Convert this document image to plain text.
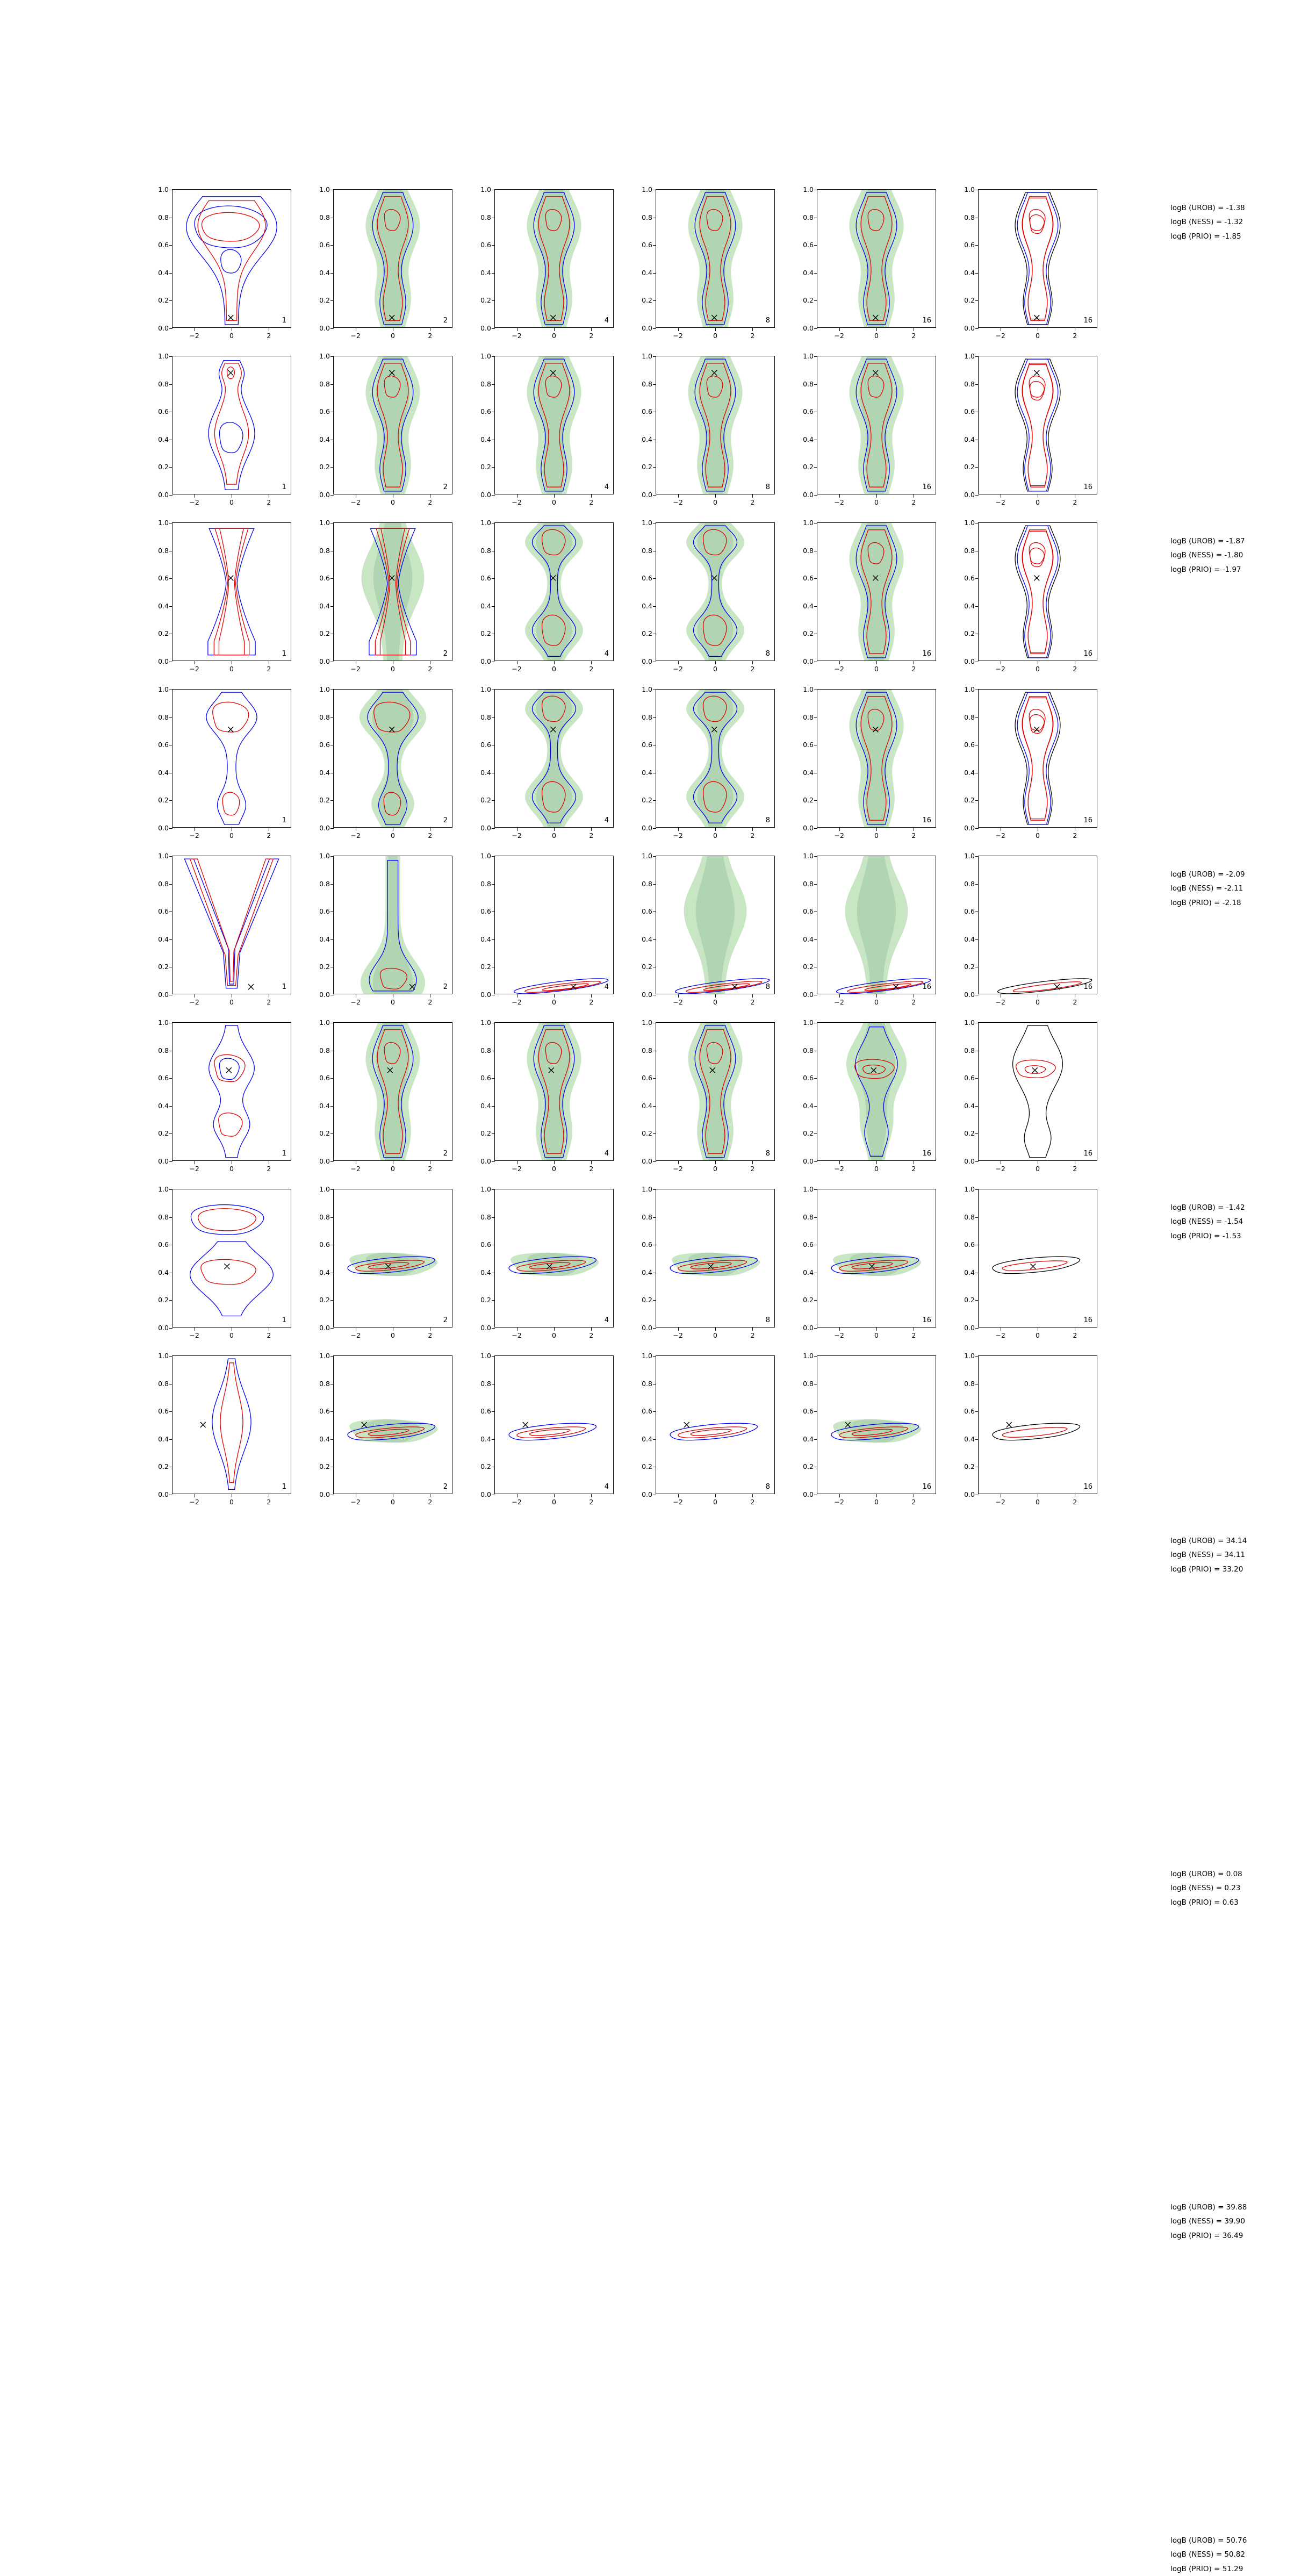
0.0
0.2
0.4
0.6
0.8
1.0
1
−2	0	2
0.0
0.2
0.4
0.6
0.8
1.0
2
−2	0	2
0.0
0.2
0.4
0.6
0.8
1.0
4
−2	0	2
0.0
0.2
0.4
0.6
0.8
1.0
8
−2	0	2
0.0
0.2
0.4
0.6
0.8
1.0
16
−2	0	2
0.0
0.2
0.4
0.6
0.8
1.0
16
−2	0	2
logB (UROB) = -1.38
logB (NESS) = -1.32
logB (PRIO) = -1.85
0.0
0.2
0.4
0.6
0.8
1.0
1
−2	0	2
0.0
0.2
0.4
0.6
0.8
1.0
2
−2	0	2
0.0
0.2
0.4
0.6
0.8
1.0
4
−2	0	2
0.0
0.2
0.4
0.6
0.8
1.0
8
−2	0	2
0.0
0.2
0.4
0.6
0.8
1.0
16
−2	0	2
0.0
0.2
0.4
0.6
0.8
1.0
16
−2	0	2
logB (UROB) = -1.87
logB (NESS) = -1.80
logB (PRIO) = -1.97
0.0
0.2
0.4
0.6
0.8
1.0
1
−2	0	2
0.0
0.2
0.4
0.6
0.8
1.0
2
−2	0	2
0.0
0.2
0.4
0.6
0.8
1.0
4
−2	0	2
0.0
0.2
0.4
0.6
0.8
1.0
8
−2	0	2
0.0
0.2
0.4
0.6
0.8
1.0
16
−2	0	2
0.0
0.2
0.4
0.6
0.8
1.0
16
−2	0	2
logB (UROB) = -2.09
logB (NESS) = -2.11
logB (PRIO) = -2.18
0.0
0.2
0.4
0.6
0.8
1.0
1
−2	0	2
0.0
0.2
0.4
0.6
0.8
1.0
2
−2	0	2
0.0
0.2
0.4
0.6
0.8
1.0
4
−2	0	2
0.0
0.2
0.4
0.6
0.8
1.0
8
−2	0	2
0.0
0.2
0.4
0.6
0.8
1.0
16
−2	0	2
0.0
0.2
0.4
0.6
0.8
1.0
16
−2	0	2
logB (UROB) = -1.42
logB (NESS) = -1.54
logB (PRIO) = -1.53
0.0
0.2
0.4
0.6
0.8
1.0
1
−2	0	2
0.0
0.2
0.4
0.6
0.8
1.0
2
−2	0	2
0.0
0.2
0.4
0.6
0.8
1.0
4
−2	0	2
0.0
0.2
0.4
0.6
0.8
1.0
8
−2	0	2
0.0
0.2
0.4
0.6
0.8
1.0
16
−2	0	2
0.0
0.2
0.4
0.6
0.8
1.0
16
−2	0	2
logB (UROB) = 34.14
logB (NESS) = 34.11
logB (PRIO) = 33.20
0.0
0.2
0.4
0.6
0.8
1.0
1
−2	0	2
0.0
0.2
0.4
0.6
0.8
1.0
2
−2	0	2
0.0
0.2
0.4
0.6
0.8
1.0
4
−2	0	2
0.0
0.2
0.4
0.6
0.8
1.0
8
−2	0	2
0.0
0.2
0.4
0.6
0.8
1.0
16
−2	0	2
0.0
0.2
0.4
0.6
0.8
1.0
16
−2	0	2
logB (UROB) = 0.08
logB (NESS) = 0.23
logB (PRIO) = 0.63
0.0
0.2
0.4
0.6
0.8
1.0
1
−2	0	2
0.0
0.2
0.4
0.6
0.8
1.0
2
−2	0	2
0.0
0.2
0.4
0.6
0.8
1.0
4
−2	0	2
0.0
0.2
0.4
0.6
0.8
1.0
8
−2	0	2
0.0
0.2
0.4
0.6
0.8
1.0
16
−2	0	2
0.0
0.2
0.4
0.6
0.8
1.0
16
−2	0	2
logB (UROB) = 39.88
logB (NESS) = 39.90
logB (PRIO) = 36.49
0.0
0.2
0.4
0.6
0.8
1.0
1
−2	0	2
0.0
0.2
0.4
0.6
0.8
1.0
2
−2	0	2
0.0
0.2
0.4
0.6
0.8
1.0
4
−2	0	2
0.0
0.2
0.4
0.6
0.8
1.0
8
−2	0	2
0.0
0.2
0.4
0.6
0.8
1.0
16
−2	0	2
0.0
0.2
0.4
0.6
0.8
1.0
16
−2	0	2
logB (UROB) = 50.76
logB (NESS) = 50.82
logB (PRIO) = 51.29
